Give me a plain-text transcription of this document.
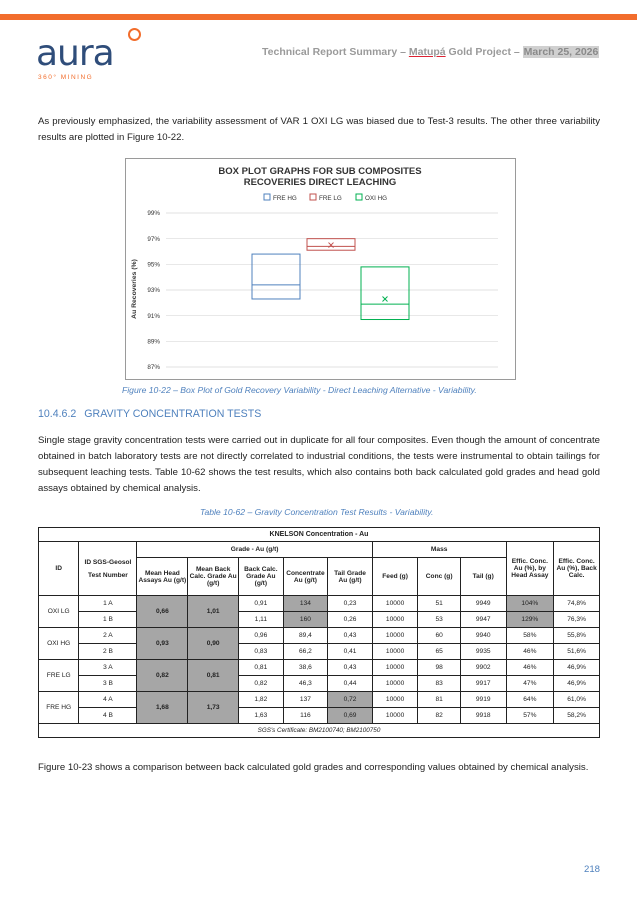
aura
360° MINING
Technical Report Summary – Matupá Gold Project – March 25, 2026

As previously emphasized, the variability assessment of VAR 1 OXI LG was biased due to Test-3 results. The other three variability results are plotted in Figure 10-22.

BOX PLOT GRAPHS FOR SUB COMPOSITES
RECOVERIES DIRECT LEACHING
FRE HG	FRE LG	OXI HG
87%
89%
91%
93%
95%
97%
99%
Au Recoveries (%)
Figure 10-22 – Box Plot of Gold Recovery Variability - Direct Leaching Alternative - Variability.
10.4.6.2 GRAVITY CONCENTRATION TESTS

Single stage gravity concentration tests were carried out in duplicate for all four composites. Even though the amount of concentrate obtained in batch laboratory tests are not directly correlated to industrial conditions, the tests were instrumental to obtain tailings for subsequent leaching tests. Table 10-62 shows the test results, which also contains both back calculated gold grades and head gold assays obtained by chemical analysis.

Table 10-62 – Gravity Concentration Test Results - Variability.
KNELSON Concentration - Au											
ID	ID SGS-Geosol
Test Number	Grade - Au (g/t)					Mass			Effic. Conc. Au (%), by Head Assay	Effic. Conc. Au (%), Back Calc.
		Mean Head Assays Au (g/t)	Mean Back Calc. Grade Au (g/t)	Back Calc. Grade Au (g/t)	Concentrate Au (g/t)	Tail Grade Au (g/t)	Feed (g)	Conc (g)	Tail (g)		
OXI LG	1 A	0,66	1,01	0,91	134	0,23	10000	51	9949	104%	74,8%
	1 B			1,11	160	0,26	10000	53	9947	129%	76,3%
OXI HG	2 A	0,93	0,90	0,96	89,4	0,43	10000	60	9940	58%	55,8%
	2 B			0,83	66,2	0,41	10000	65	9935	46%	51,6%
FRE LG	3 A	0,82	0,81	0,81	38,6	0,43	10000	98	9902	46%	46,9%
	3 B			0,82	46,3	0,44	10000	83	9917	47%	46,9%
FRE HG	4 A	1,68	1,73	1,82	137	0,72	10000	81	9919	64%	61,0%
	4 B			1,63	116	0,69	10000	82	9918	57%	58,2%
SGS's Certificate: BM2100740; BM2100750											

Figure 10-23 shows a comparison between back calculated gold grades and corresponding values obtained by chemical analysis.

218
